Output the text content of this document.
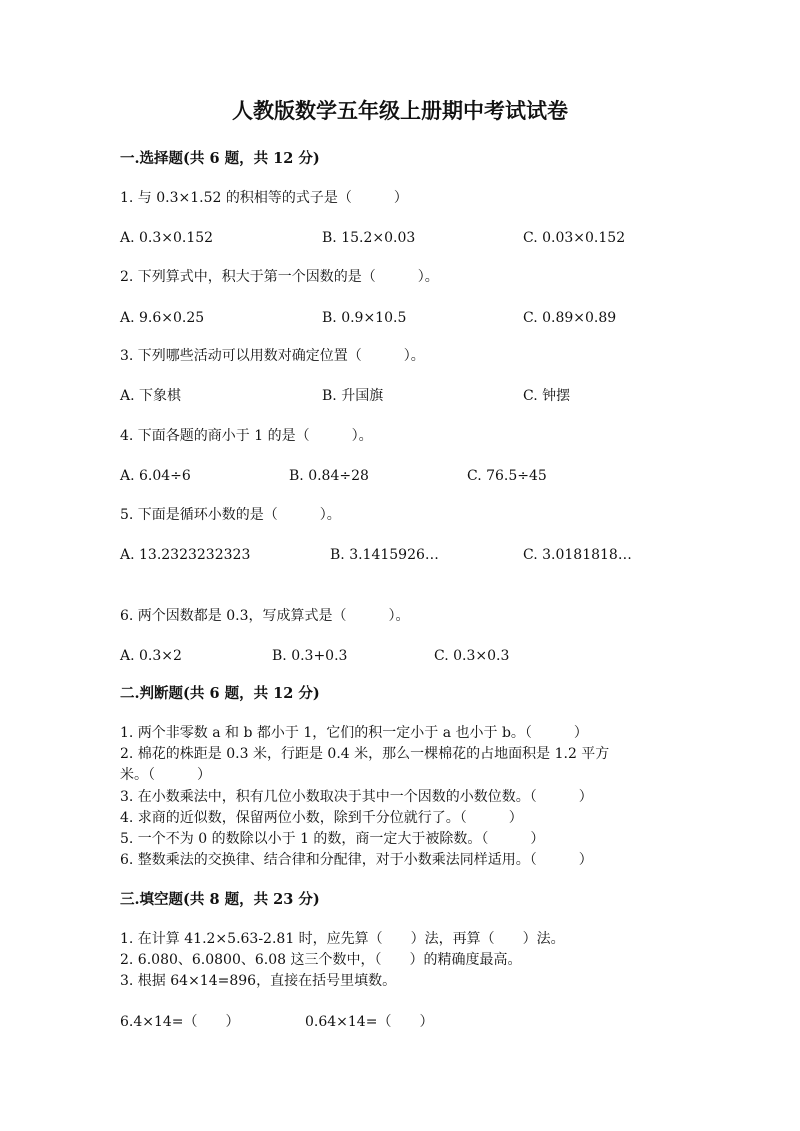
人教版数学五年级上册期中考试试卷
一.选择题(共 6 题，共 12 分)
1. 与 0.3×1.52 的积相等的式子是（　　　）
A. 0.3×0.152	B. 15.2×0.03	C. 0.03×0.152
2. 下列算式中，积大于第一个因数的是（　　　）。
A. 9.6×0.25	B. 0.9×10.5	C. 0.89×0.89
3. 下列哪些活动可以用数对确定位置（　　　）。
A. 下象棋	B. 升国旗	C. 钟摆
4. 下面各题的商小于 1 的是（　　　）。
A. 6.04÷6	B. 0.84÷28	C. 76.5÷45
5. 下面是循环小数的是（　　　）。
A. 13.2323232323	B. 3.1415926…	C. 3.0181818…
6. 两个因数都是 0.3，写成算式是（　　　）。
A. 0.3×2	B. 0.3+0.3	C. 0.3×0.3
二.判断题(共 6 题，共 12 分)
1. 两个非零数 a 和 b 都小于 1，它们的积一定小于 a 也小于 b。（　　　）
2. 棉花的株距是 0.3 米，行距是 0.4 米，那么一棵棉花的占地面积是 1.2 平方
米。（　　　）
3. 在小数乘法中，积有几位小数取决于其中一个因数的小数位数。（　　　）
4. 求商的近似数，保留两位小数，除到千分位就行了。（　　　）
5. 一个不为 0 的数除以小于 1 的数，商一定大于被除数。（　　　）
6. 整数乘法的交换律、结合律和分配律，对于小数乘法同样适用。（　　　）
三.填空题(共 8 题，共 23 分)
1. 在计算 41.2×5.63-2.81 时，应先算（　　）法，再算（　　）法。
2. 6.080、6.0800、6.08 这三个数中，（　　）的精确度最高。
3. 根据 64×14=896，直接在括号里填数。
6.4×14=（　　）	0.64×14=（　　）
